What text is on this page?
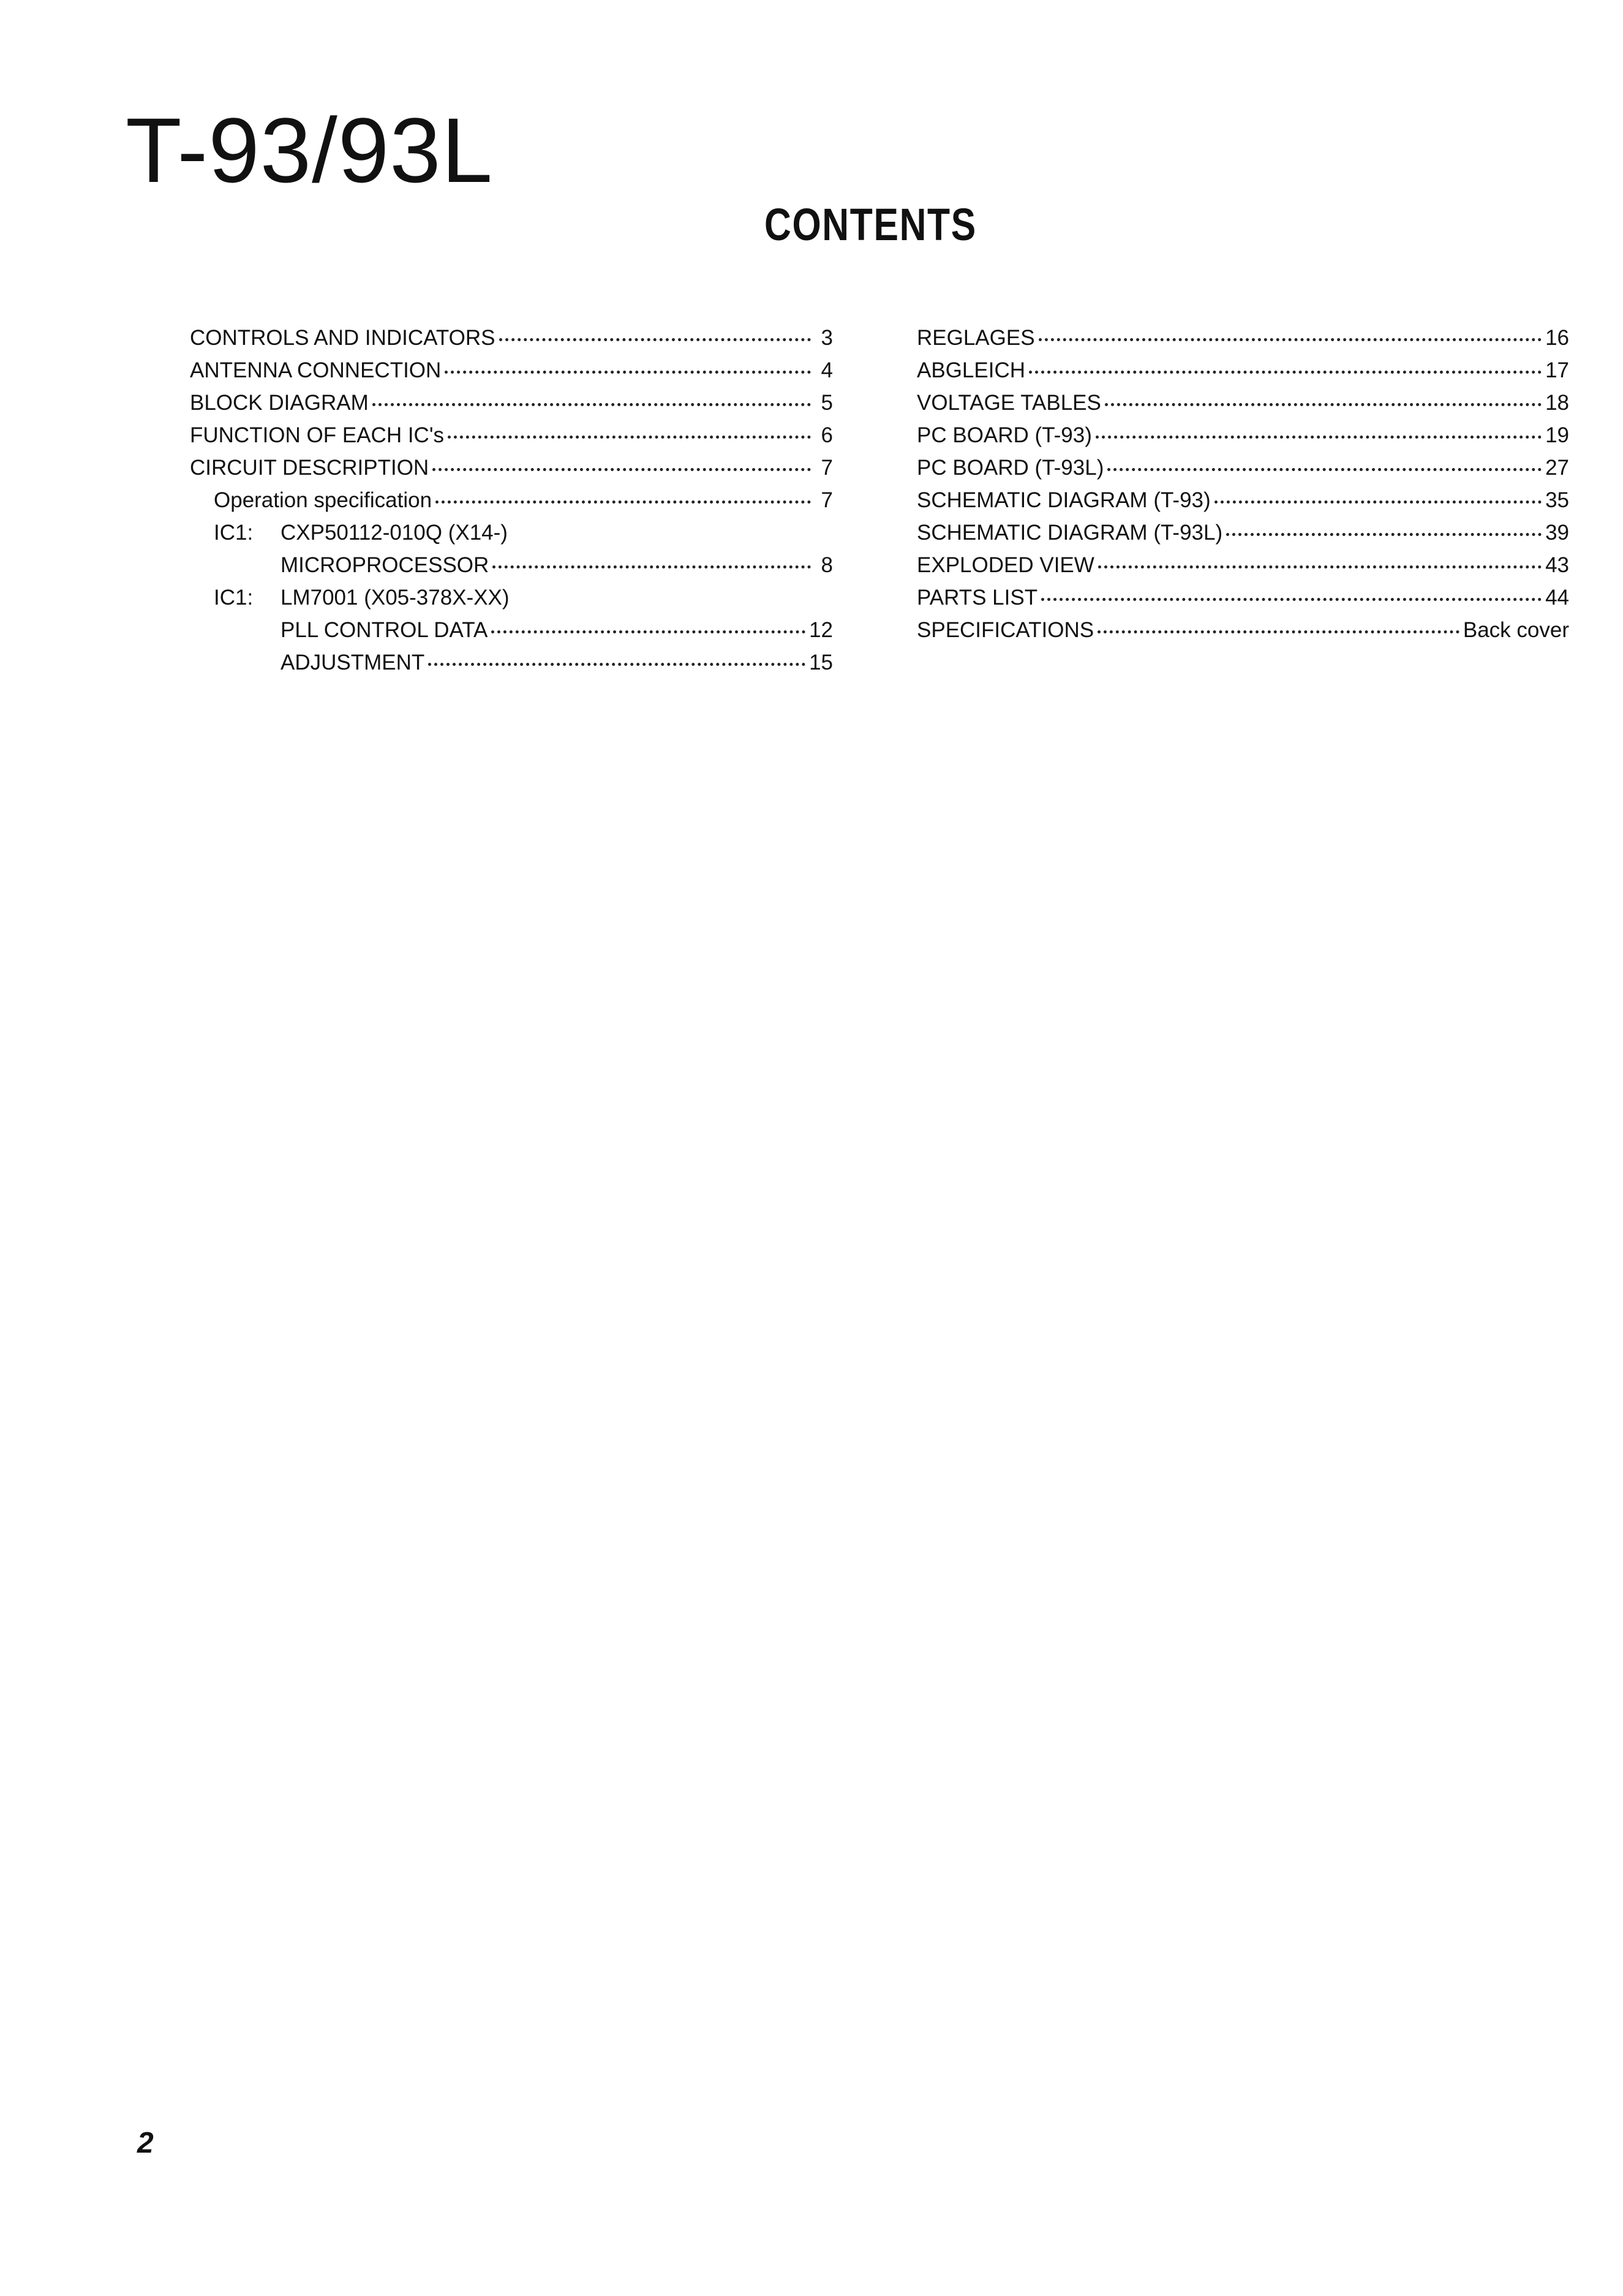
T-93/93L
CONTENTS
CONTROLS AND INDICATORS	3
ANTENNA CONNECTION	4
BLOCK DIAGRAM	5
FUNCTION OF EACH IC's	6
CIRCUIT DESCRIPTION	7
Operation specification	7
IC1:	CXP50112-010Q (X14-)
MICROPROCESSOR	8
IC1:	LM7001 (X05-378X-XX)
PLL CONTROL DATA	12
ADJUSTMENT	15
REGLAGES	16
ABGLEICH	17
VOLTAGE TABLES	18
PC BOARD (T-93)	19
PC BOARD (T-93L)	27
SCHEMATIC DIAGRAM (T-93)	35
SCHEMATIC DIAGRAM (T-93L)	39
EXPLODED VIEW	43
PARTS LIST	44
SPECIFICATIONS	Back cover
2
